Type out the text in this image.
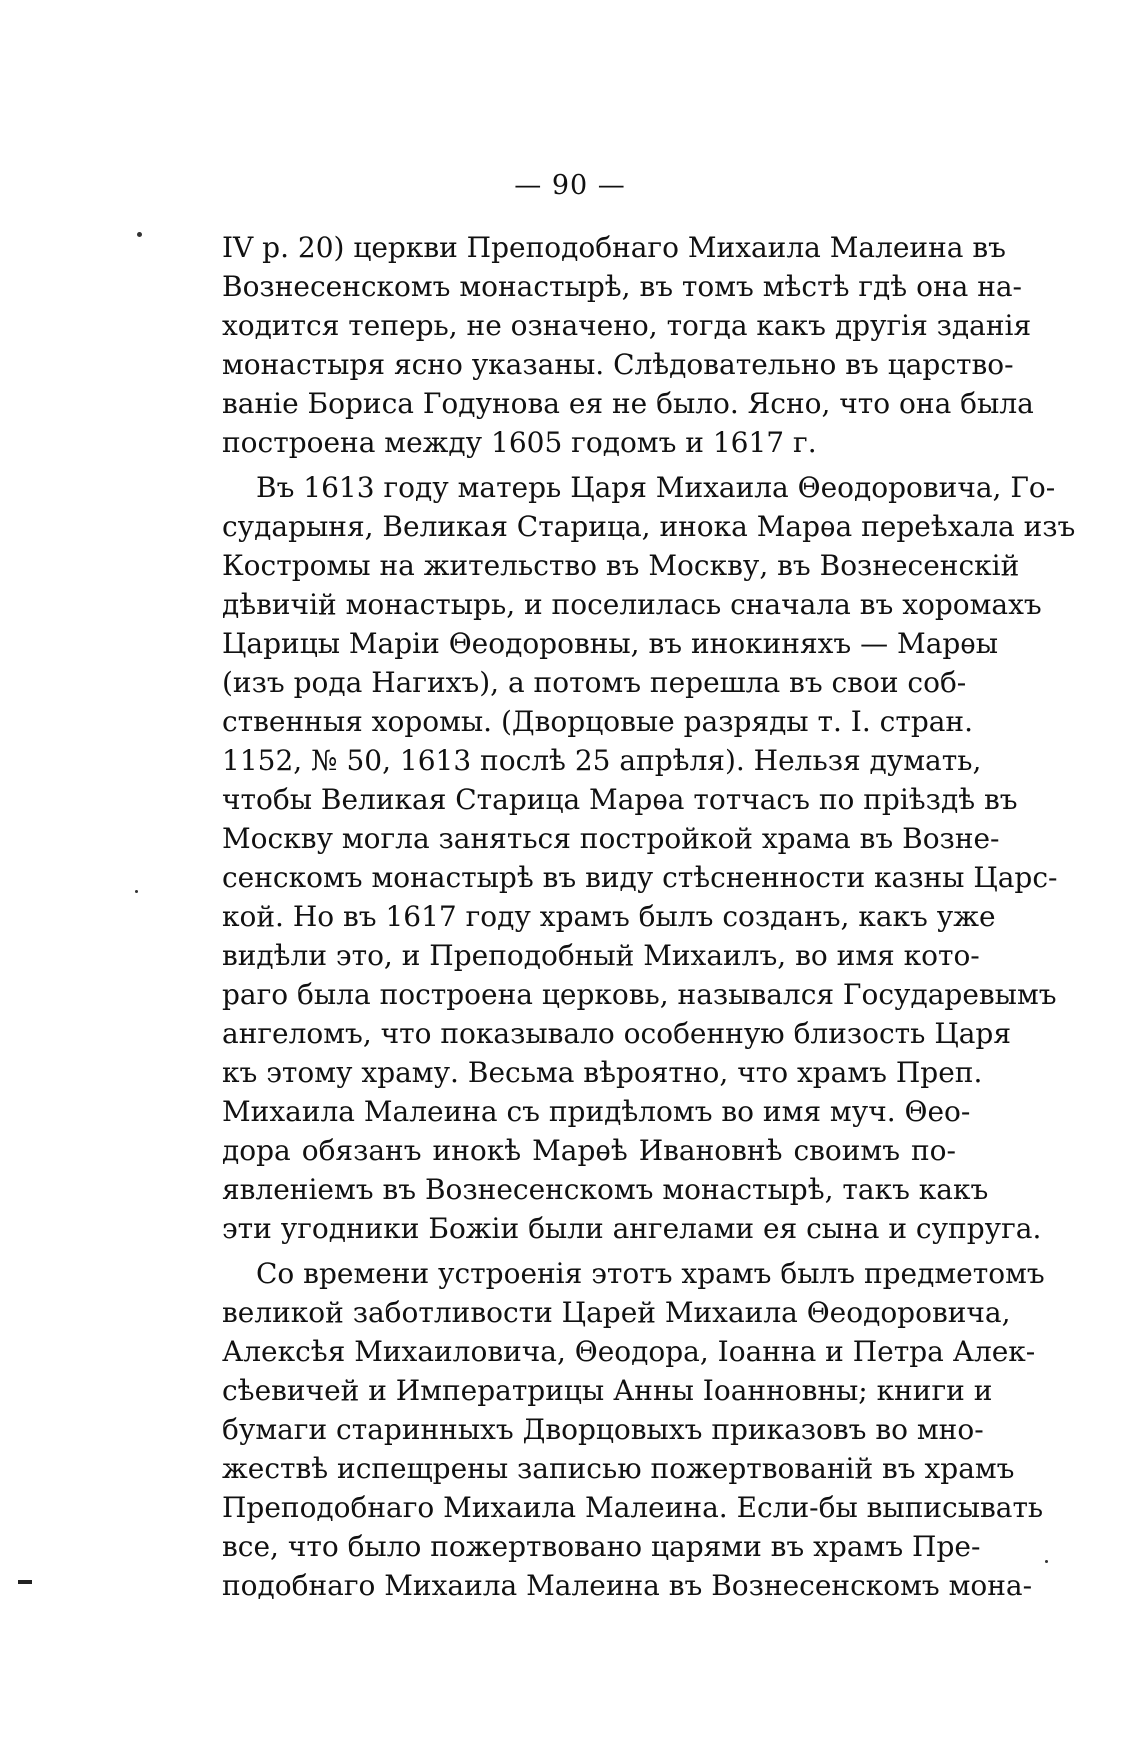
— 90 —
IV р. 20) церкви Преподобнаго Михаила Малеина въ
Вознесенскомъ монастырѣ, въ томъ мѣстѣ гдѣ она на-
ходится теперь, не означено, тогда какъ другія зданія
монастыря ясно указаны. Слѣдовательно въ царство-
ваніе Бориса Годунова ея не было. Ясно, что она была
построена между 1605 годомъ и 1617 г.
Въ 1613 году матерь Царя Михаила Θеодоровича, Го-
сударыня, Великая Старица, инока Марѳа переѣхала изъ
Костромы на жительство въ Москву, въ Вознесенскій
дѣвичій монастырь, и поселилась сначала въ хоромахъ
Царицы Маріи Θеодоровны, въ инокиняхъ — Марѳы
(изъ рода Нагихъ), а потомъ перешла въ свои соб-
ственныя хоромы. (Дворцовые разряды т. I. стран.
1152, № 50, 1613 послѣ 25 апрѣля). Нельзя думать,
чтобы Великая Старица Марѳа тотчасъ по пріѣздѣ въ
Москву могла заняться постройкой храма въ Возне-
сенскомъ монастырѣ въ виду стѣсненности казны Царс-
кой. Но въ 1617 году храмъ былъ созданъ, какъ уже
видѣли это, и Преподобный Михаилъ, во имя кото-
раго была построена церковь, назывался Государевымъ
ангеломъ, что показывало особенную близость Царя
къ этому храму. Весьма вѣроятно, что храмъ Преп.
Михаила Малеина съ придѣломъ во имя муч. Θео-
дора обязанъ инокѣ Марѳѣ Ивановнѣ своимъ по-
явленіемъ въ Вознесенскомъ монастырѣ, такъ какъ
эти угодники Божіи были ангелами ея сына и супруга.
Со времени устроенія этотъ храмъ былъ предметомъ
великой заботливости Царей Михаила Θеодоровича,
Алексѣя Михаиловича, Θеодора, Іоанна и Петра Алек-
сѣевичей и Императрицы Анны Іоанновны; книги и
бумаги старинныхъ Дворцовыхъ приказовъ во мно-
жествѣ испещрены записью пожертвованій въ храмъ
Преподобнаго Михаила Малеина. Если-бы выписывать
все, что было пожертвовано царями въ храмъ Пре-
подобнаго Михаила Малеина въ Вознесенскомъ мона-
